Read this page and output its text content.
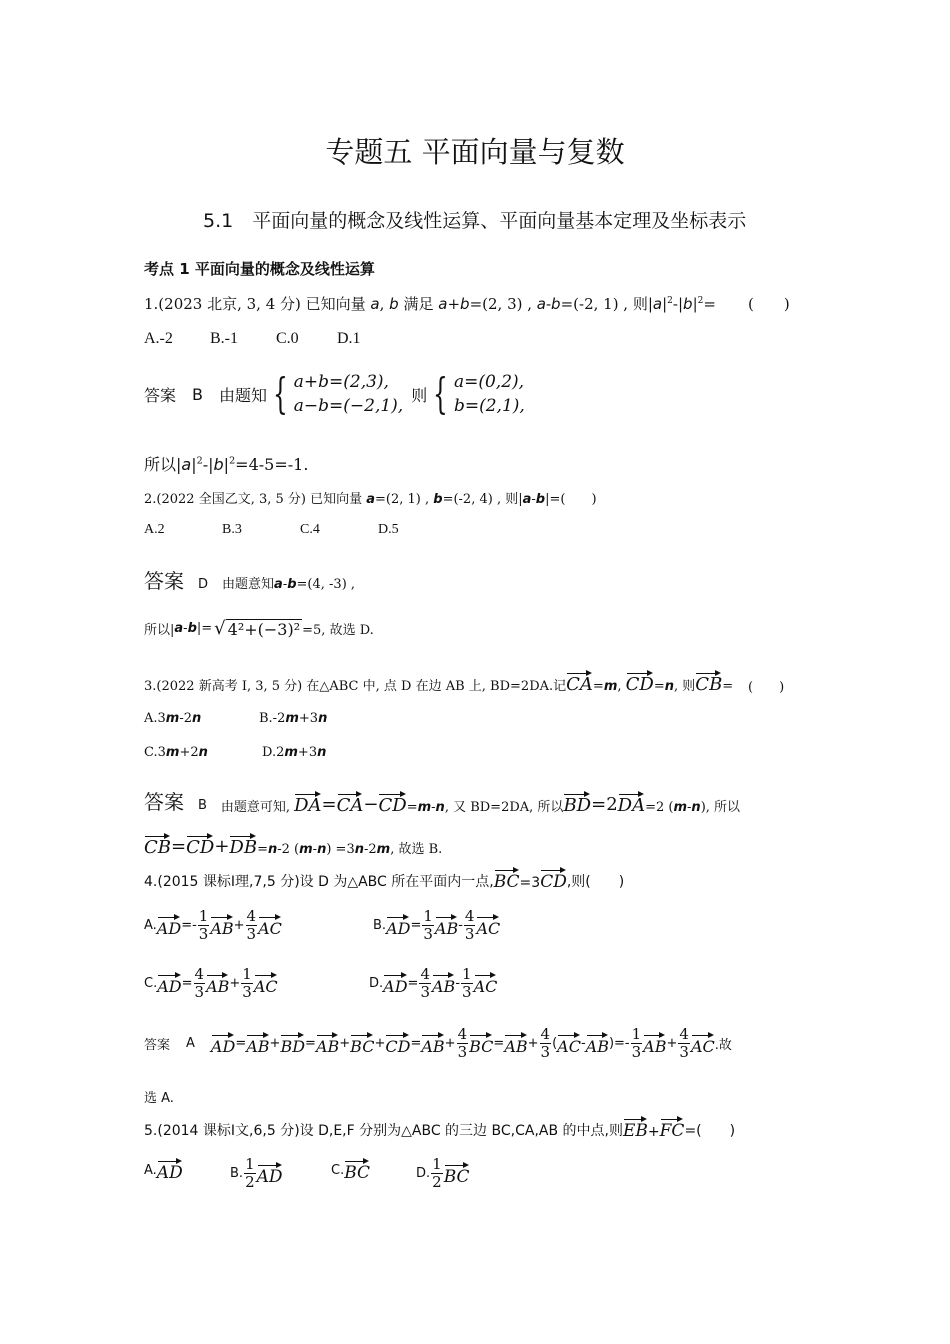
专题五 平面向量与复数
5.1　平面向量的概念及线性运算、平面向量基本定理及坐标表示
考点 1 平面向量的概念及线性运算
1.(2023 北京, 3, 4 分) 已知向量 a, b 满足 a+b=(2, 3) , a-b=(-2, 1) , 则$|a|^2-|b|^2=$ (　　)
A.-2 B.-1 C.0 D.1
答案 B 由题知 { a+b=(2,3),
a−b=(−2,1),
则 { a=(0,2),
b=(2,1),
所以$|a|^2-|b|^2=4-5=-1$.
2.(2022 全国乙文, 3, 5 分) 已知向量 a=(2, 1) , b=(-2, 4) , 则|a-b|=(　　)
A.2	B.3	C.4	D.5
答案 D 由题意知 a - b =(4, -3) ,
所以| a - b |= √ 4²+(−3)² =5, 故选 D.
3.(2022 新高考 Ⅰ, 3, 5 分) 在△ABC 中, 点 D 在边 AB 上, BD=2DA.记 CA = m , CD = n , 则 CB = (　　)
A.3m-2n	B.-2m+3n
C.3m+2n	D.2m+3n
答案 B 由题意可知, DA = CA − CD = m - n , 又 BD=2DA, 所以 BD =2 DA =2 ( m - n ) , 所以
CB = CD + DB = n -2 ( m - n ) =3 n -2 m , 故选 B.
4.(2015 课标Ⅰ理,7,5 分)设 D 为△ABC 所在平面内一点, BC =3 CD ,则(　　)
A. AD =- $\frac{1}{3}$ AB + $\frac{4}{3}$ AC	B. AD = $\frac{1}{3}$ AB - $\frac{4}{3}$ AC
C. AD = $\frac{4}{3}$ AB + $\frac{1}{3}$ AC	D. AD = $\frac{4}{3}$ AB - $\frac{1}{3}$ AC
答案 A AD = AB + BD = AB + BC + CD = AB + $\frac{4}{3}$ BC = AB + $\frac{4}{3}$ ( AC - AB )=- $\frac{1}{3}$ AB + $\frac{4}{3}$ AC .故
选 A.
5.(2014 课标Ⅰ文,6,5 分)设 D,E,F 分别为△ABC 的三边 BC,CA,AB 的中点,则 EB + FC =(　　)
A. AD	B. $\frac{1}{2}$ AD	C. BC	D. $\frac{1}{2}$ BC
